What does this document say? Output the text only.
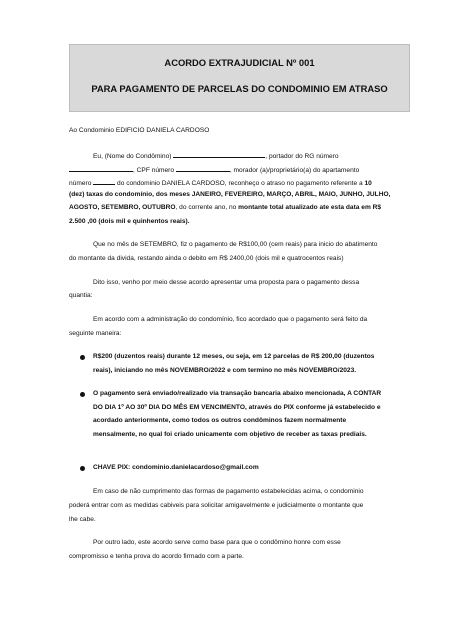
ACORDO EXTRAJUDICIAL Nº 001
PARA PAGAMENTO DE PARCELAS DO CONDOMINIO EM ATRASO
Ao Condominio EDIFICIO DANIELA CARDOSO
Eu, (Nome do Condômino)	, portador do RG número
, CPF número	, morador (a)/proprietário(a) do apartamento
número	do condominio DANIELA CARDOSO, reconheço o atraso no pagamento referente a 10
(dez) taxas do condomínio, dos meses JANEIRO, FEVEREIRO, MARÇO, ABRIL, MAIO, JUNHO, JULHO,
AGOSTO, SETEMBRO, OUTUBRO, do corrente ano, no montante total atualizado ate esta data em R$
2.500 ,00 (dois mil e quinhentos reais).
Que no mês de SETEMBRO, fiz o pagamento de R$100,00 (cem reais) para inicio do abatimento
do montante da divida, restando ainda o debito em R$ 2400,00 (dois mil e quatrocentos reais)
Dito isso, venho por meio desse acordo apresentar uma proposta para o pagamento dessa
quantia:
Em acordo com a administração do condomínio, fico acordado que o pagamento será feito da
seguinte maneira:
R$200 (duzentos reais) durante 12 meses, ou seja, em 12 parcelas de R$ 200,00 (duzentos
reais), iniciando no mês NOVEMBRO/2022 e com termino no mês NOVEMBRO/2023.
O pagamento será enviado/realizado via transação bancaria abaixo mencionada, A CONTAR
DO DIA 1º AO 30º DIA DO MÊS EM VENCIMENTO, através do PIX conforme já estabelecido e
acordado anteriormente, como todos os outros condôminos fazem normalmente
mensalmente, no qual foi criado unicamente com objetivo de receber as taxas prediais.
CHAVE PIX: condominio.danielacardoso@gmail.com
Em caso de não cumprimento das formas de pagamento estabelecidas acima, o condominio
poderá entrar com as medidas cabiveis para solicitar amigavelmente e judicialmente o montante que
lhe cabe.
Por outro lado, este acordo serve como base para que o condômino honre com esse
compromisso e tenha prova do acordo firmado com a parte.
